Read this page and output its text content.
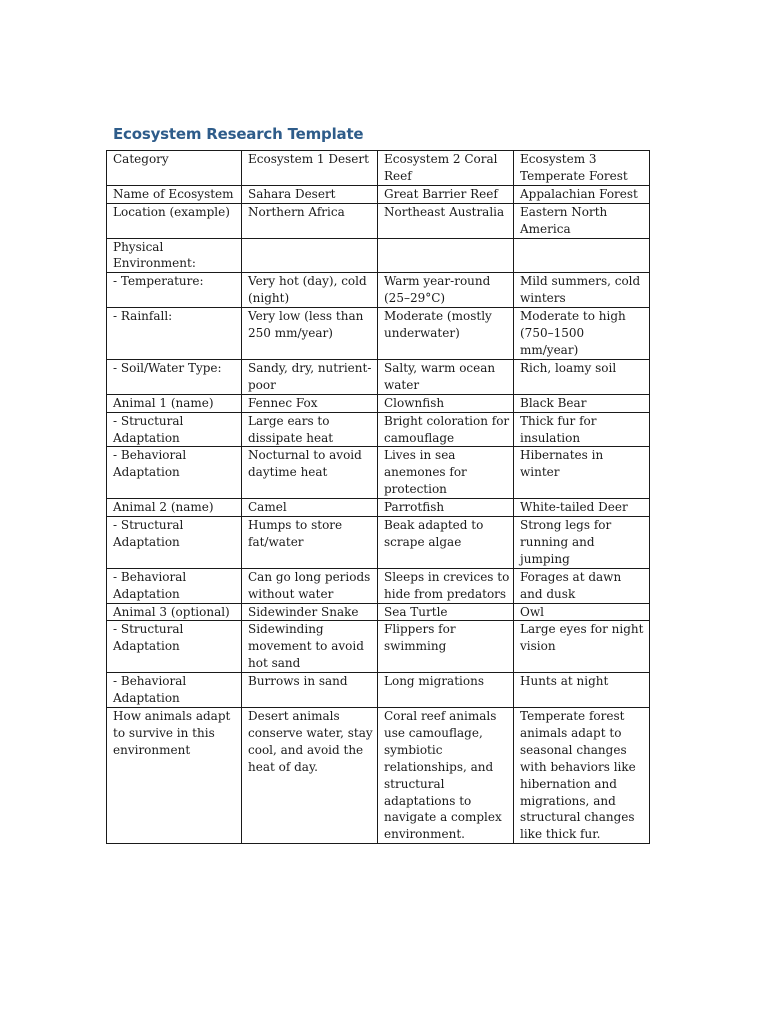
Ecosystem Research Template
Category	Ecosystem 1 Desert	Ecosystem 2 Coral Reef	Ecosystem 3 Temperate Forest
Name of Ecosystem	Sahara Desert	Great Barrier Reef	Appalachian Forest
Location (example)	Northern Africa	Northeast Australia	Eastern North America
Physical Environment:			
- Temperature:	Very hot (day), cold (night)	Warm year-round (25–29°C)	Mild summers, cold winters
- Rainfall:	Very low (less than 250 mm/year)	Moderate (mostly underwater)	Moderate to high (750–1500 mm/year)
- Soil/Water Type:	Sandy, dry, nutrient-poor	Salty, warm ocean water	Rich, loamy soil
Animal 1 (name)	Fennec Fox	Clownfish	Black Bear
- Structural Adaptation	Large ears to dissipate heat	Bright coloration for camouflage	Thick fur for insulation
- Behavioral Adaptation	Nocturnal to avoid daytime heat	Lives in sea anemones for protection	Hibernates in winter
Animal 2 (name)	Camel	Parrotfish	White-tailed Deer
- Structural Adaptation	Humps to store fat/water	Beak adapted to scrape algae	Strong legs for running and jumping
- Behavioral Adaptation	Can go long periods without water	Sleeps in crevices to hide from predators	Forages at dawn and dusk
Animal 3 (optional)	Sidewinder Snake	Sea Turtle	Owl
- Structural Adaptation	Sidewinding movement to avoid hot sand	Flippers for swimming	Large eyes for night vision
- Behavioral Adaptation	Burrows in sand	Long migrations	Hunts at night
How animals adapt to survive in this environment	Desert animals conserve water, stay cool, and avoid the heat of day.	Coral reef animals use camouflage, symbiotic relationships, and structural adaptations to navigate a complex environment.	Temperate forest animals adapt to seasonal changes with behaviors like hibernation and migrations, and structural changes like thick fur.
